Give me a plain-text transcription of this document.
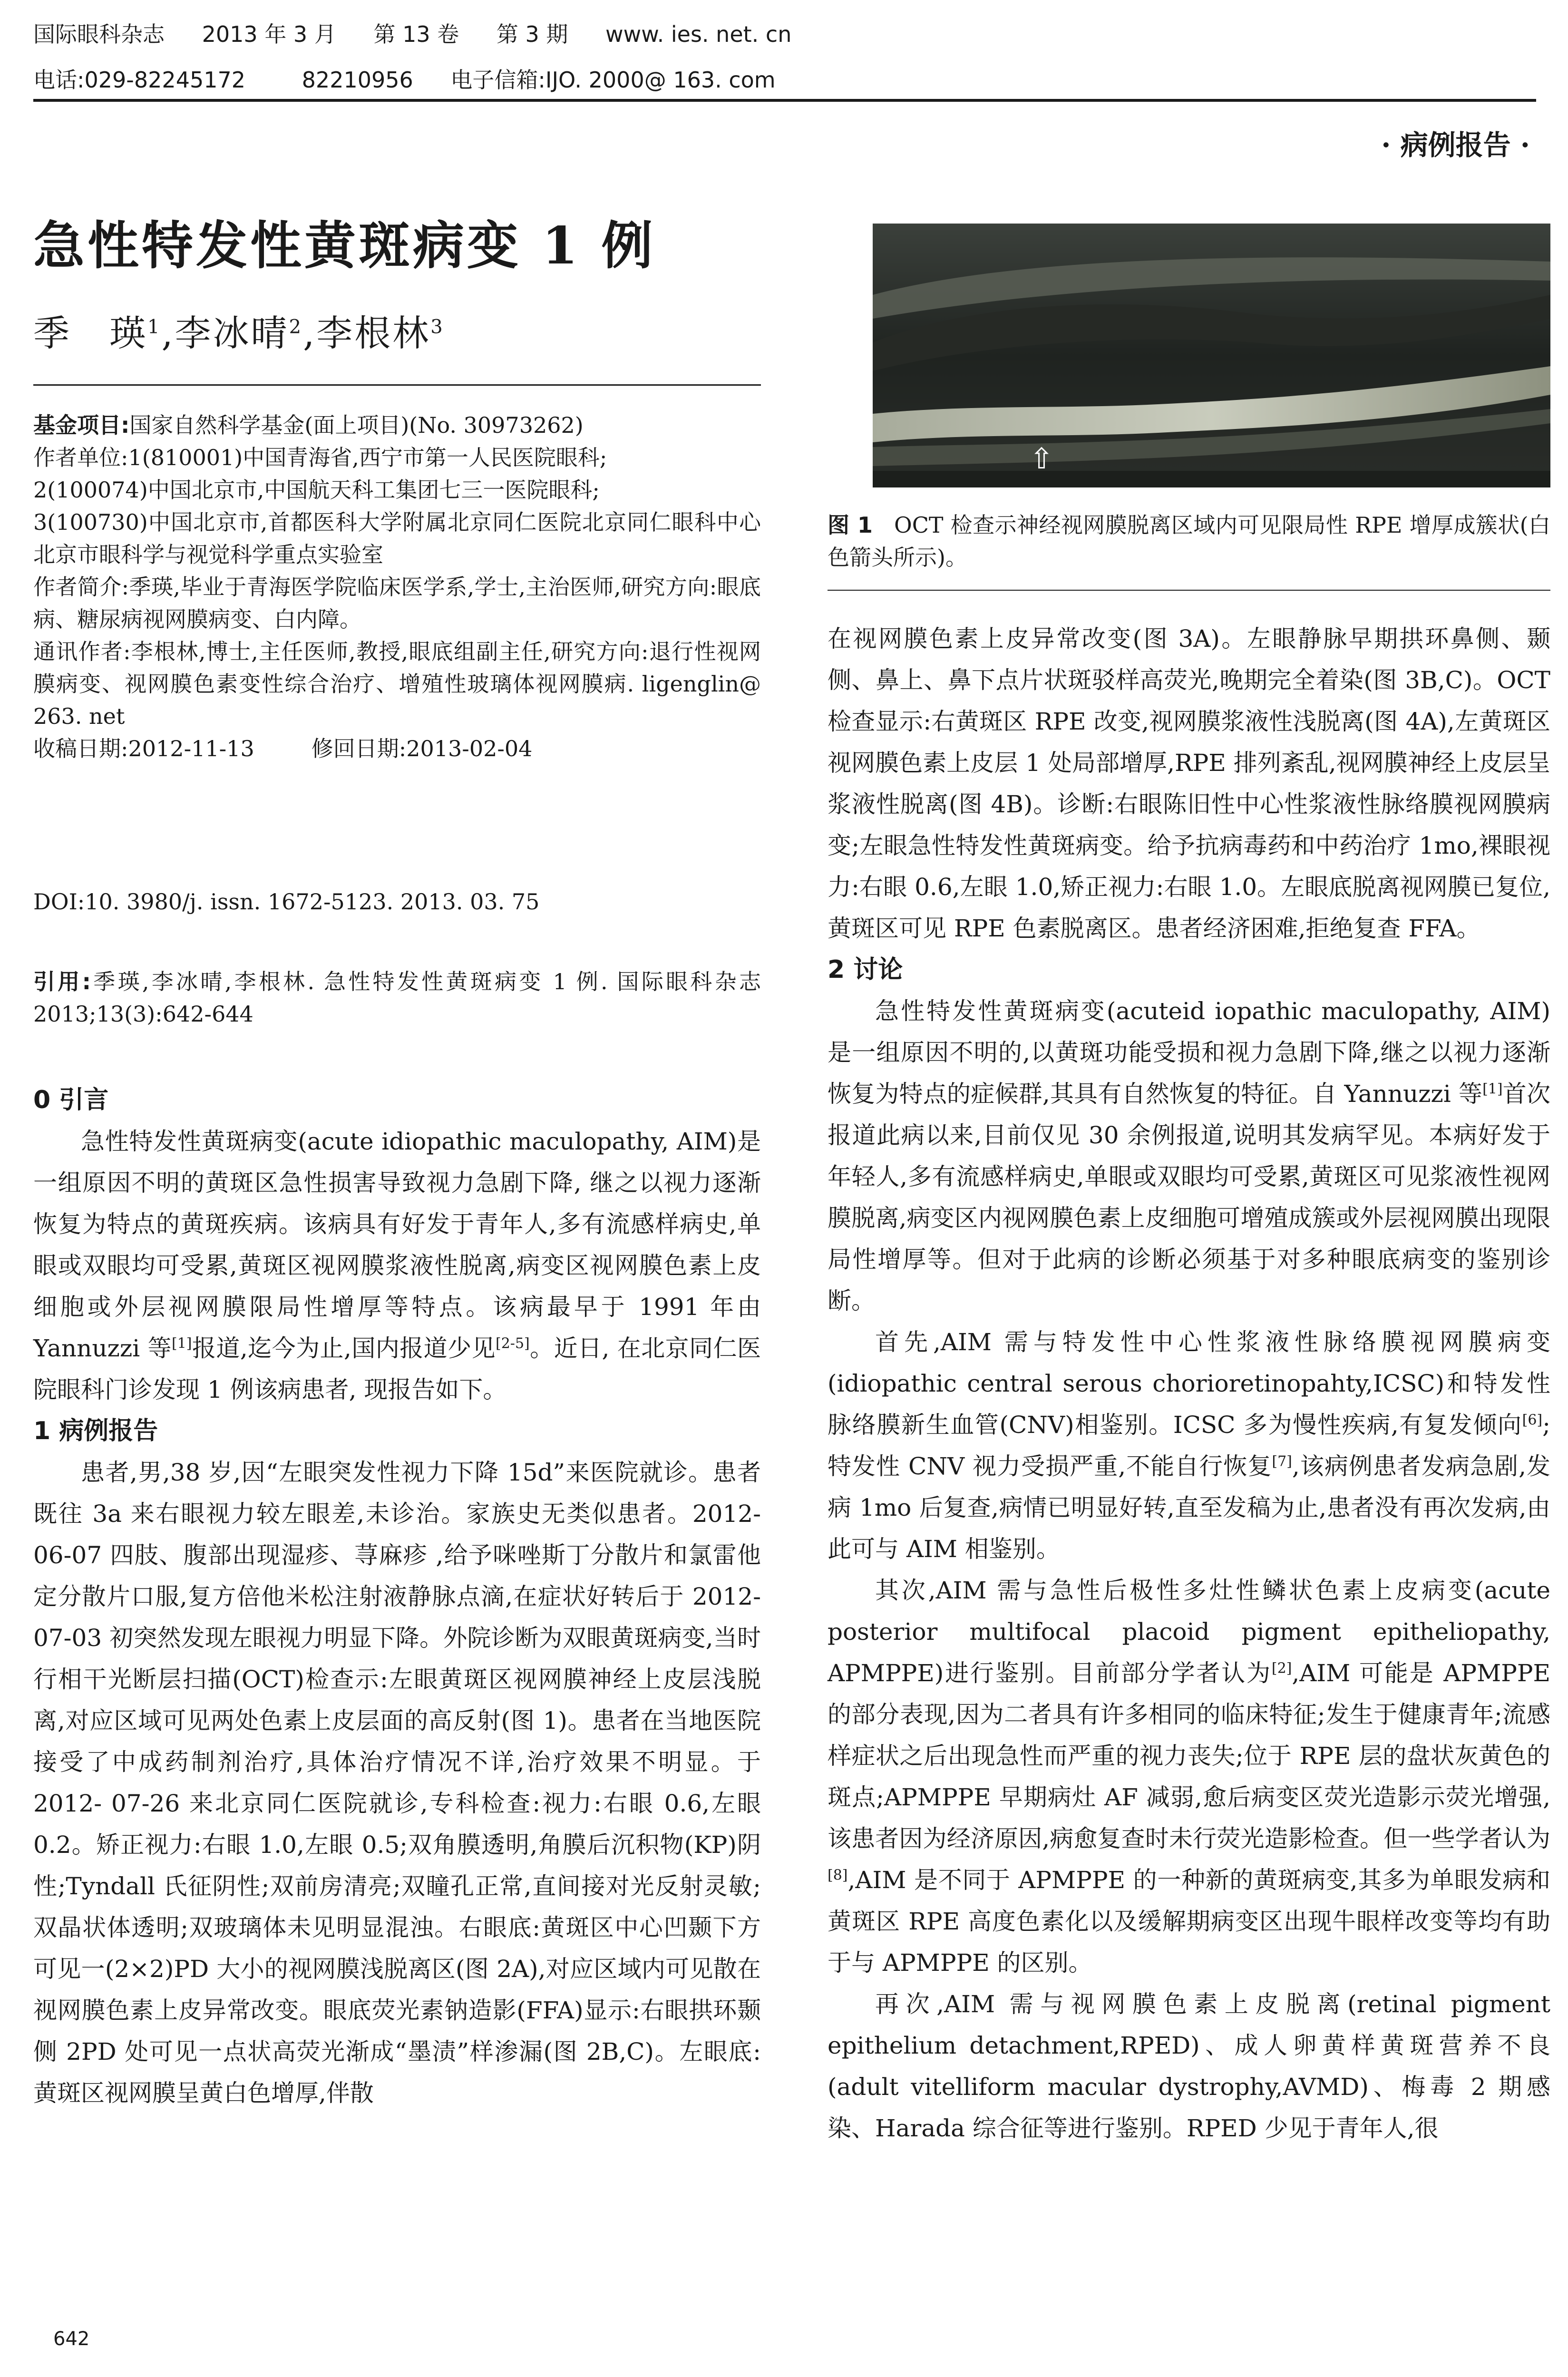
国际眼科杂志 2013 年 3 月 第 13 卷 第 3 期 www. ies. net. cn
电话:029-82245172	82210956 电子信箱:IJO. 2000@ 163. com
· 病例报告 ·
急性特发性黄斑病变 1 例
季　瑛$^1$,李冰晴$^2$,李根林$^3$

基金项目:国家自然科学基金(面上项目)(No. 30973262)

作者单位:1(810001)中国青海省,西宁市第一人民医院眼科;

2(100074)中国北京市,中国航天科工集团七三一医院眼科;

3(100730)中国北京市,首都医科大学附属北京同仁医院北京同仁眼科中心 北京市眼科学与视觉科学重点实验室

作者简介:季瑛,毕业于青海医学院临床医学系,学士,主治医师,研究方向:眼底病、糖尿病视网膜病变、白内障。

通讯作者:李根林,博士,主任医师,教授,眼底组副主任,研究方向:退行性视网膜病变、视网膜色素变性综合治疗、增殖性玻璃体视网膜病. ligenglin@ 263. net

收稿日期:2012-11-13	修回日期:2013-02-04

DOI:10. 3980/j. issn. 1672-5123. 2013. 03. 75

引用:季瑛,李冰晴,李根林. 急性特发性黄斑病变 1 例. 国际眼科杂志 2013;13(3):642-644

0 引言

急性特发性黄斑病变(acute idiopathic maculopathy, AIM)是一组原因不明的黄斑区急性损害导致视力急剧下降, 继之以视力逐渐恢复为特点的黄斑疾病。该病具有好发于青年人,多有流感样病史,单眼或双眼均可受累,黄斑区视网膜浆液性脱离,病变区视网膜色素上皮细胞或外层视网膜限局性增厚等特点。该病最早于 1991 年由 Yannuzzi 等[1]报道,迄今为止,国内报道少见[2-5]。近日, 在北京同仁医院眼科门诊发现 1 例该病患者, 现报告如下。

1 病例报告

患者,男,38 岁,因“左眼突发性视力下降 15d”来医院就诊。患者既往 3a 来右眼视力较左眼差,未诊治。家族史无类似患者。2012-06-07 四肢、腹部出现湿疹、荨麻疹 ,给予咪唑斯丁分散片和氯雷他定分散片口服,复方倍他米松注射液静脉点滴,在症状好转后于 2012-07-03 初突然发现左眼视力明显下降。外院诊断为双眼黄斑病变,当时行相干光断层扫描(OCT)检查示:左眼黄斑区视网膜神经上皮层浅脱离,对应区域可见两处色素上皮层面的高反射(图 1)。患者在当地医院接受了中成药制剂治疗,具体治疗情况不详,治疗效果不明显。于 2012- 07-26 来北京同仁医院就诊,专科检查:视力:右眼 0.6,左眼 0.2。矫正视力:右眼 1.0,左眼 0.5;双角膜透明,角膜后沉积物(KP)阴性;Tyndall 氏征阴性;双前房清亮;双瞳孔正常,直间接对光反射灵敏;双晶状体透明;双玻璃体未见明显混浊。右眼底:黄斑区中心凹颞下方可见一(2×2)PD 大小的视网膜浅脱离区(图 2A),对应区域内可见散在视网膜色素上皮异常改变。眼底荧光素钠造影(FFA)显示:右眼拱环颞侧 2PD 处可见一点状高荧光渐成“墨渍”样渗漏(图 2B,C)。左眼底:黄斑区视网膜呈黄白色增厚,伴散

⇧
图 1 OCT 检查示神经视网膜脱离区域内可见限局性 RPE 增厚成簇状(白色箭头所示)。

在视网膜色素上皮异常改变(图 3A)。左眼静脉早期拱环鼻侧、颞侧、鼻上、鼻下点片状斑驳样高荧光,晚期完全着染(图 3B,C)。OCT 检查显示:右黄斑区 RPE 改变,视网膜浆液性浅脱离(图 4A),左黄斑区视网膜色素上皮层 1 处局部增厚,RPE 排列紊乱,视网膜神经上皮层呈浆液性脱离(图 4B)。诊断:右眼陈旧性中心性浆液性脉络膜视网膜病变;左眼急性特发性黄斑病变。给予抗病毒药和中药治疗 1mo,裸眼视力:右眼 0.6,左眼 1.0,矫正视力:右眼 1.0。左眼底脱离视网膜已复位,黄斑区可见 RPE 色素脱离区。患者经济困难,拒绝复查 FFA。

2 讨论

急性特发性黄斑病变(acuteid iopathic maculopathy, AIM)是一组原因不明的,以黄斑功能受损和视力急剧下降,继之以视力逐渐恢复为特点的症候群,其具有自然恢复的特征。自 Yannuzzi 等[1]首次报道此病以来,目前仅见 30 余例报道,说明其发病罕见。本病好发于年轻人,多有流感样病史,单眼或双眼均可受累,黄斑区可见浆液性视网膜脱离,病变区内视网膜色素上皮细胞可增殖成簇或外层视网膜出现限局性增厚等。但对于此病的诊断必须基于对多种眼底病变的鉴别诊断。

首先,AIM 需与特发性中心性浆液性脉络膜视网膜病变(idiopathic central serous chorioretinopahty,ICSC)和特发性脉络膜新生血管(CNV)相鉴别。ICSC 多为慢性疾病,有复发倾向[6];特发性 CNV 视力受损严重,不能自行恢复[7],该病例患者发病急剧,发病 1mo 后复查,病情已明显好转,直至发稿为止,患者没有再次发病,由此可与 AIM 相鉴别。

其次,AIM 需与急性后极性多灶性鳞状色素上皮病变(acute posterior multifocal placoid pigment epitheliopathy, APMPPE)进行鉴别。目前部分学者认为[2],AIM 可能是 APMPPE 的部分表现,因为二者具有许多相同的临床特征;发生于健康青年;流感样症状之后出现急性而严重的视力丧失;位于 RPE 层的盘状灰黄色的斑点;APMPPE 早期病灶 AF 减弱,愈后病变区荧光造影示荧光增强,该患者因为经济原因,病愈复查时未行荧光造影检查。但一些学者认为[8],AIM 是不同于 APMPPE 的一种新的黄斑病变,其多为单眼发病和黄斑区 RPE 高度色素化以及缓解期病变区出现牛眼样改变等均有助于与 APMPPE 的区别。

再次,AIM 需与视网膜色素上皮脱离(retinal pigment epithelium detachment,RPED)、成人卵黄样黄斑营养不良(adult vitelliform macular dystrophy,AVMD)、梅毒 2 期感染、Harada 综合征等进行鉴别。RPED 少见于青年人,很

642
